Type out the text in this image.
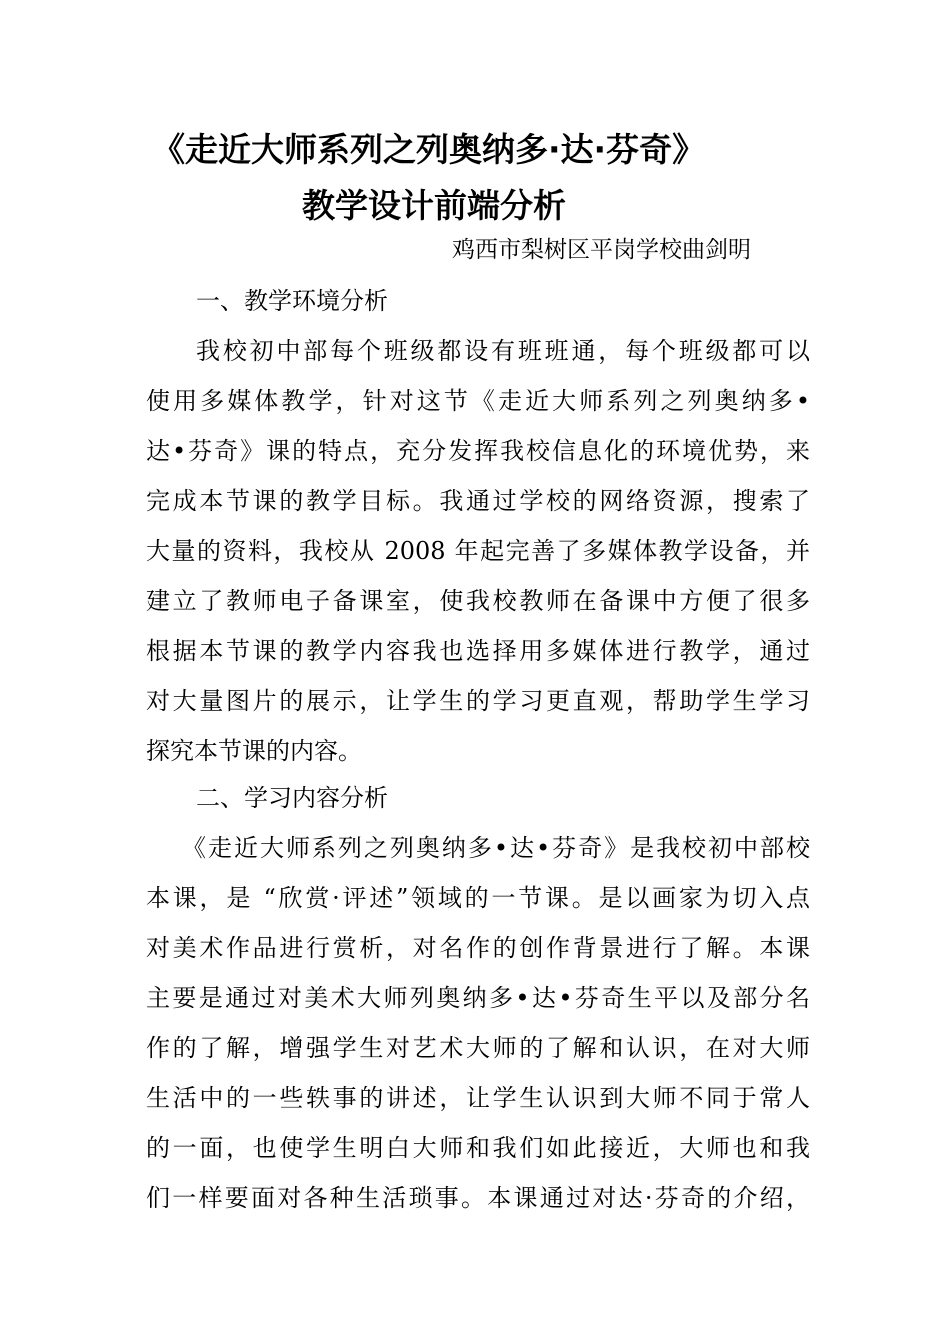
《走近大师系列之列奥纳多·达·芬奇》
教学设计前端分析
鸡西市梨树区平岗学校曲剑明
一、教学环境分析
我校初中部每个班级都设有班班通，每个班级都可以
使用多媒体教学，针对这节《走近大师系列之列奥纳多•
达•芬奇》课的特点，充分发挥我校信息化的环境优势，来
完成本节课的教学目标。我通过学校的网络资源，搜索了
大量的资料，我校从 2008 年起完善了多媒体教学设备，并
建立了教师电子备课室，使我校教师在备课中方便了很多
根据本节课的教学内容我也选择用多媒体进行教学，通过
对大量图片的展示，让学生的学习更直观，帮助学生学习
探究本节课的内容。
二、学习内容分析
《走近大师系列之列奥纳多•达•芬奇》是我校初中部校
本课，是 “欣赏·评述”领域的一节课。是以画家为切入点
对美术作品进行赏析，对名作的创作背景进行了解。本课
主要是通过对美术大师列奥纳多•达•芬奇生平以及部分名
作的了解，增强学生对艺术大师的了解和认识，在对大师
生活中的一些轶事的讲述，让学生认识到大师不同于常人
的一面，也使学生明白大师和我们如此接近，大师也和我
们一样要面对各种生活琐事。本课通过对达·芬奇的介绍，
